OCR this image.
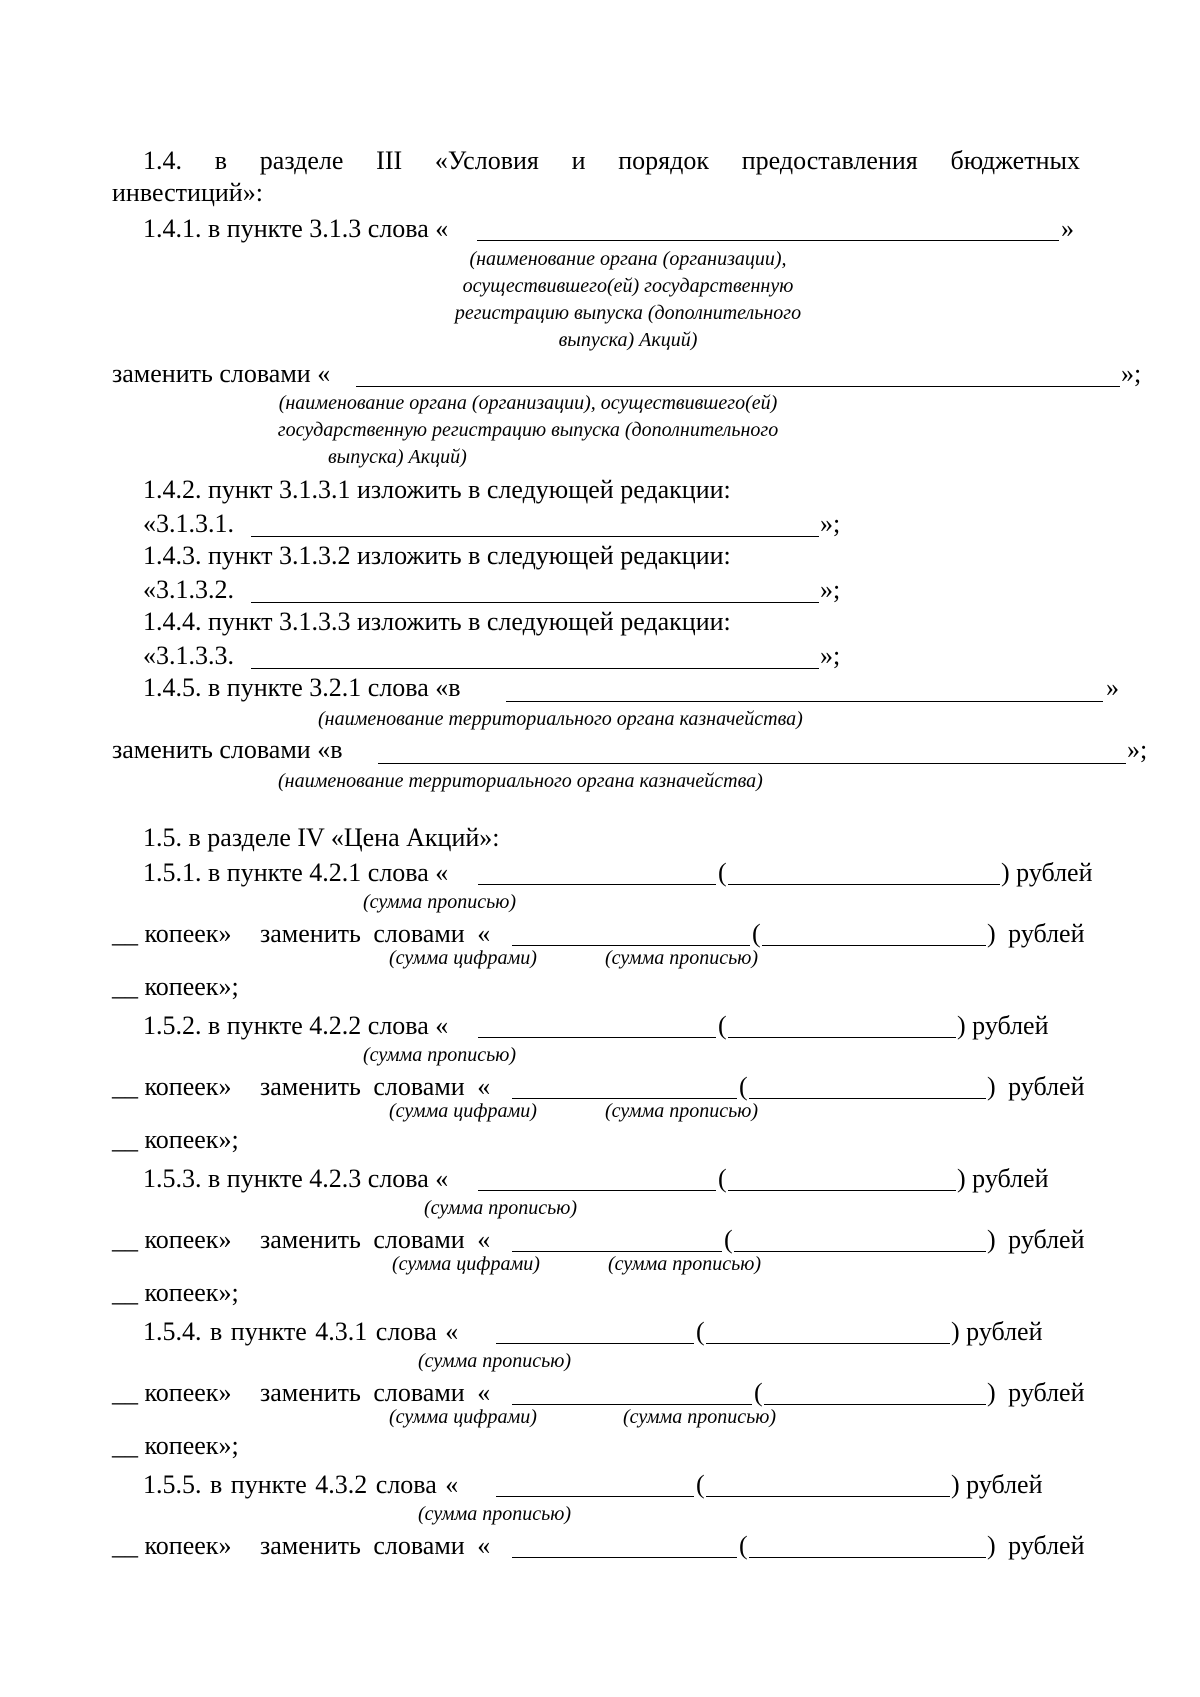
1.4. в разделе III «Условия и порядок предоставления бюджетных
инвестиций»:
1.4.1. в пункте 3.1.3 слова «	»
(наименование органа (организации),
осуществившего(ей) государственную
регистрацию выпуска (дополнительного
выпуска) Акций)
заменить словами «	»;
(наименование органа (организации), осуществившего(ей)
государственную регистрацию выпуска (дополнительного
выпуска) Акций)
1.4.2. пункт 3.1.3.1 изложить в следующей редакции:
«3.1.3.1.	»;
1.4.3. пункт 3.1.3.2 изложить в следующей редакции:
«3.1.3.2.	»;
1.4.4. пункт 3.1.3.3 изложить в следующей редакции:
«3.1.3.3.	»;
1.4.5. в пункте 3.2.1 слова «в	»
(наименование территориального органа казначейства)
заменить словами «в	»;
(наименование территориального органа казначейства)
1.5. в разделе IV «Цена Акций»:
1.5.1. в пункте 4.2.1 слова «	(	) рублей
(сумма прописью)
__ копеек» заменить словами «	(	) рублей
(сумма цифрами)	(сумма прописью)
__ копеек»;
1.5.2. в пункте 4.2.2 слова «	(	) рублей
(сумма прописью)
__ копеек» заменить словами «	(	) рублей
(сумма цифрами)	(сумма прописью)
__ копеек»;
1.5.3. в пункте 4.2.3 слова «	(	) рублей
(сумма прописью)
__ копеек» заменить словами «	(	) рублей
(сумма цифрами)	(сумма прописью)
__ копеек»;
1.5.4. в пункте 4.3.1 слова «	(	) рублей
(сумма прописью)
__ копеек» заменить словами «	(	) рублей
(сумма цифрами)	(сумма прописью)
__ копеек»;
1.5.5. в пункте 4.3.2 слова «	(	) рублей
(сумма прописью)
__ копеек» заменить словами «	(	) рублей
